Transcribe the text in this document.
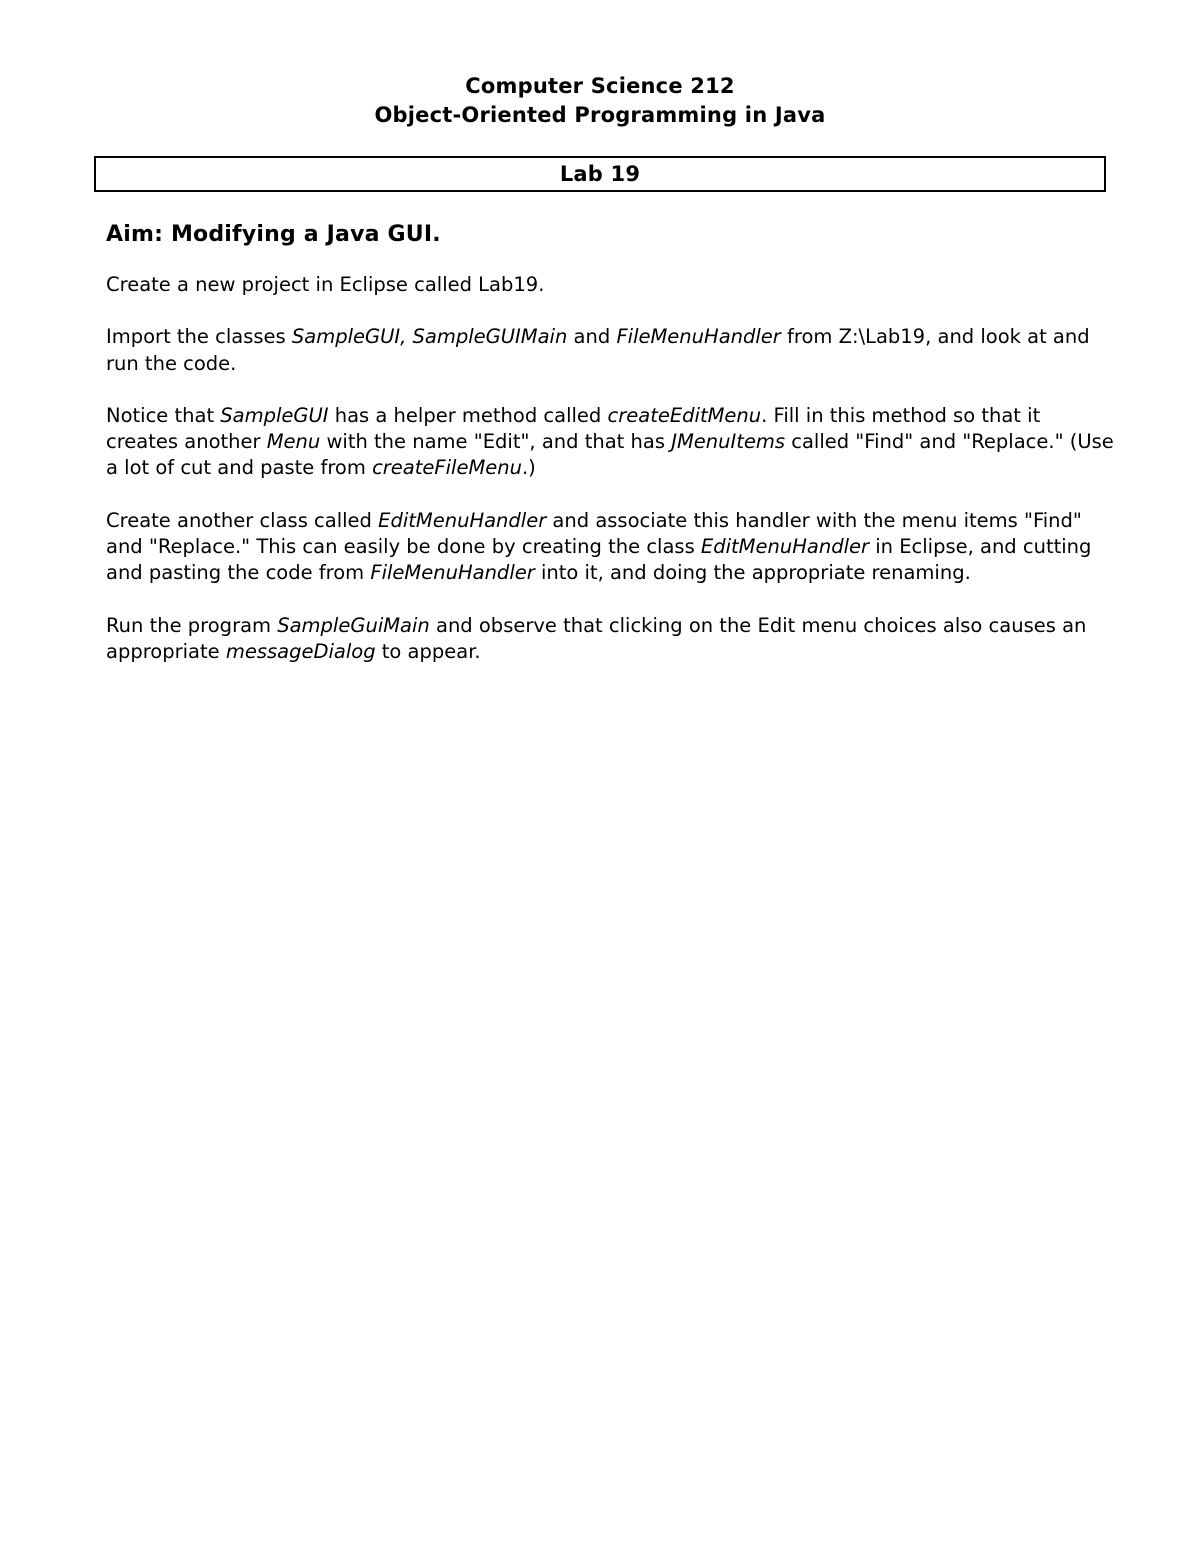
Computer Science 212
Object-Oriented Programming in Java
Lab 19
Aim: Modifying a Java GUI.

Create a new project in Eclipse called Lab19.

Import the classes SampleGUI, SampleGUIMain and FileMenuHandler from Z:\Lab19, and look at and run the code.

Notice that SampleGUI has a helper method called createEditMenu. Fill in this method so that it creates another Menu with the name "Edit", and that has JMenuItems called "Find" and "Replace." (Use a lot of cut and paste from createFileMenu.)

Create another class called EditMenuHandler and associate this handler with the menu items "Find" and "Replace." This can easily be done by creating the class EditMenuHandler in Eclipse, and cutting and pasting the code from FileMenuHandler into it, and doing the appropriate renaming.

Run the program SampleGuiMain and observe that clicking on the Edit menu choices also causes an appropriate messageDialog to appear.
